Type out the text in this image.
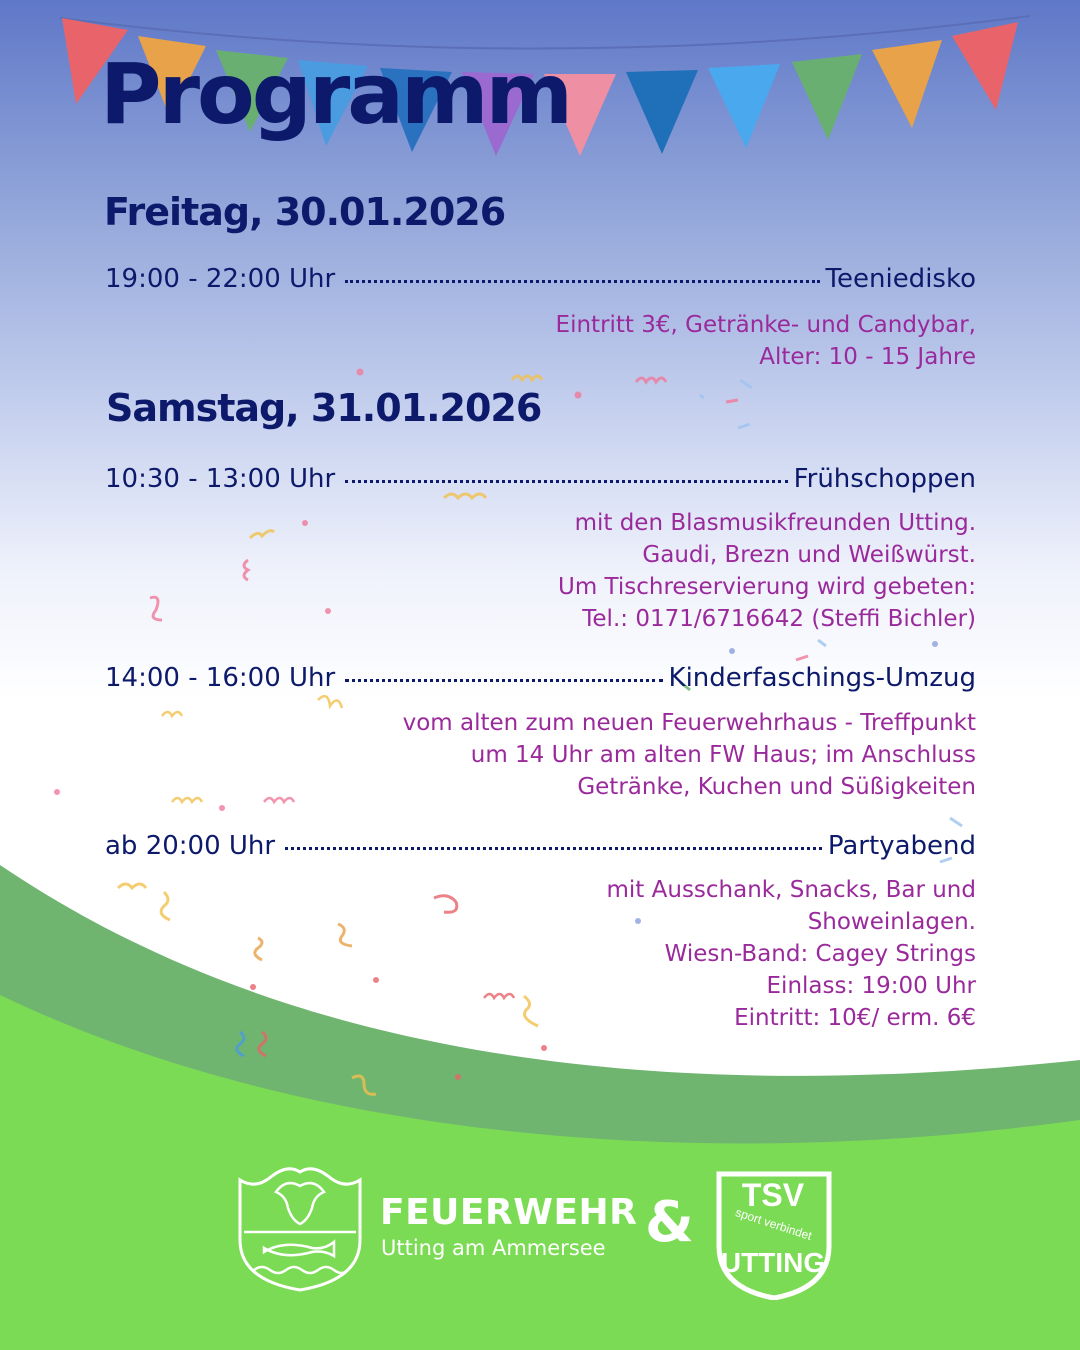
Programm
Freitag, 30.01.2026
19:00 - 22:00 Uhr	Teeniedisko
Eintritt 3€, Getränke- und Candybar,
Alter: 10 - 15 Jahre
Samstag, 31.01.2026
10:30 - 13:00 Uhr	Frühschoppen
mit den Blasmusikfreunden Utting.
Gaudi, Brezn und Weißwürst.
Um Tischreservierung wird gebeten:
Tel.: 0171/6716642 (Steffi Bichler)
14:00 - 16:00 Uhr	Kinderfaschings-Umzug
vom alten zum neuen Feuerwehrhaus - Treffpunkt
um 14 Uhr am alten FW Haus; im Anschluss
Getränke, Kuchen und Süßigkeiten
ab 20:00 Uhr	Partyabend
mit Ausschank, Snacks, Bar und
Showeinlagen.
Wiesn-Band: Cagey Strings
Einlass: 19:00 Uhr
Eintritt: 10€/ erm. 6€
FEUERWEHR
Utting am Ammersee & TSV
sport verbindet
UTTING
